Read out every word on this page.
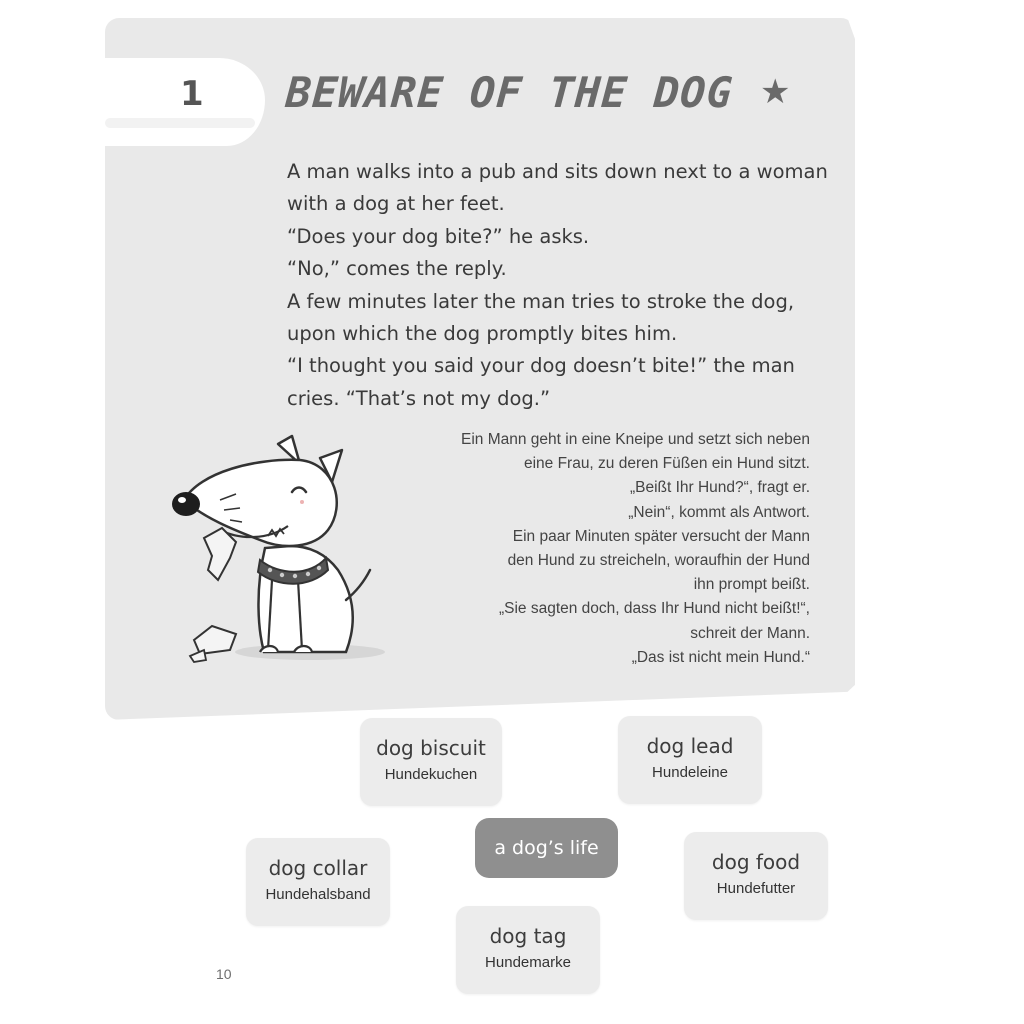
1 BEWARE OF THE DOG ★
A man walks into a pub and sits down next to a woman
with a dog at her feet.
“Does your dog bite?” he asks.
“No,” comes the reply.
A few minutes later the man tries to stroke the dog,
upon which the dog promptly bites him.
“I thought you said your dog doesn’t bite!” the man
cries. “That’s not my dog.”
Ein Mann geht in eine Kneipe und setzt sich neben
eine Frau, zu deren Füßen ein Hund sitzt.
„Beißt Ihr Hund?“, fragt er.
„Nein“, kommt als Antwort.
Ein paar Minuten später versucht der Mann
den Hund zu streicheln, woraufhin der Hund
ihn prompt beißt.
„Sie sagten doch, dass Ihr Hund nicht beißt!“,
schreit der Mann.
„Das ist nicht mein Hund.“
dog biscuit
Hundekuchen
dog lead
Hundeleine
a dog’s life
dog collar
Hundehalsband
dog food
Hundefutter
dog tag
Hundemarke
10
